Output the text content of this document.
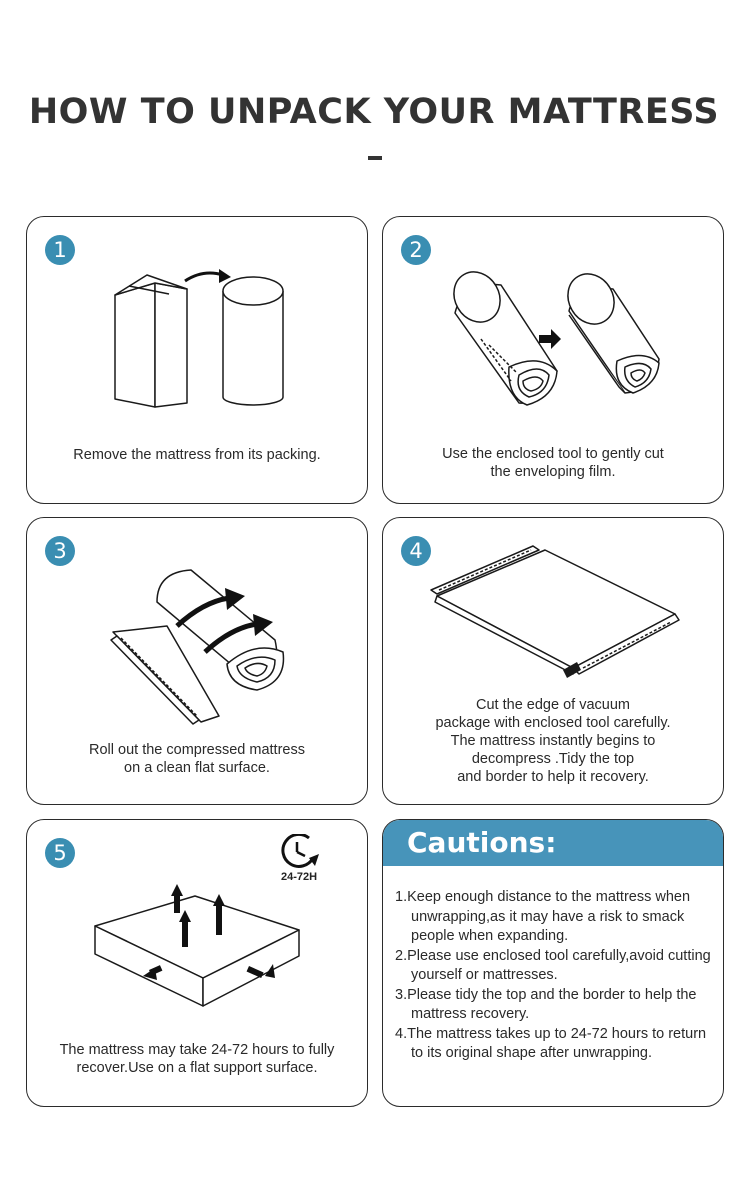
HOW TO UNPACK YOUR MATTRESS
1
Remove the mattress from its packing.
2
Use the enclosed tool to gently cut
the enveloping film.
3
Roll out the compressed mattress
on a clean flat surface.
4
Cut the edge of vacuum
package with enclosed tool carefully.
The mattress instantly begins to
decompress .Tidy the top
and border to help it recovery.
5
24-72H
The mattress may take 24-72 hours to fully
recover.Use on a flat support surface.
Cautions:
1.Keep enough distance to the mattress when unwrapping,as it may have a risk to smack people when expanding.
2.Please use enclosed tool carefully,avoid cutting yourself or mattresses.
3.Please tidy the top and the border to help the mattress recovery.
4.The mattress takes up to 24-72 hours to return to its original shape after unwrapping.
